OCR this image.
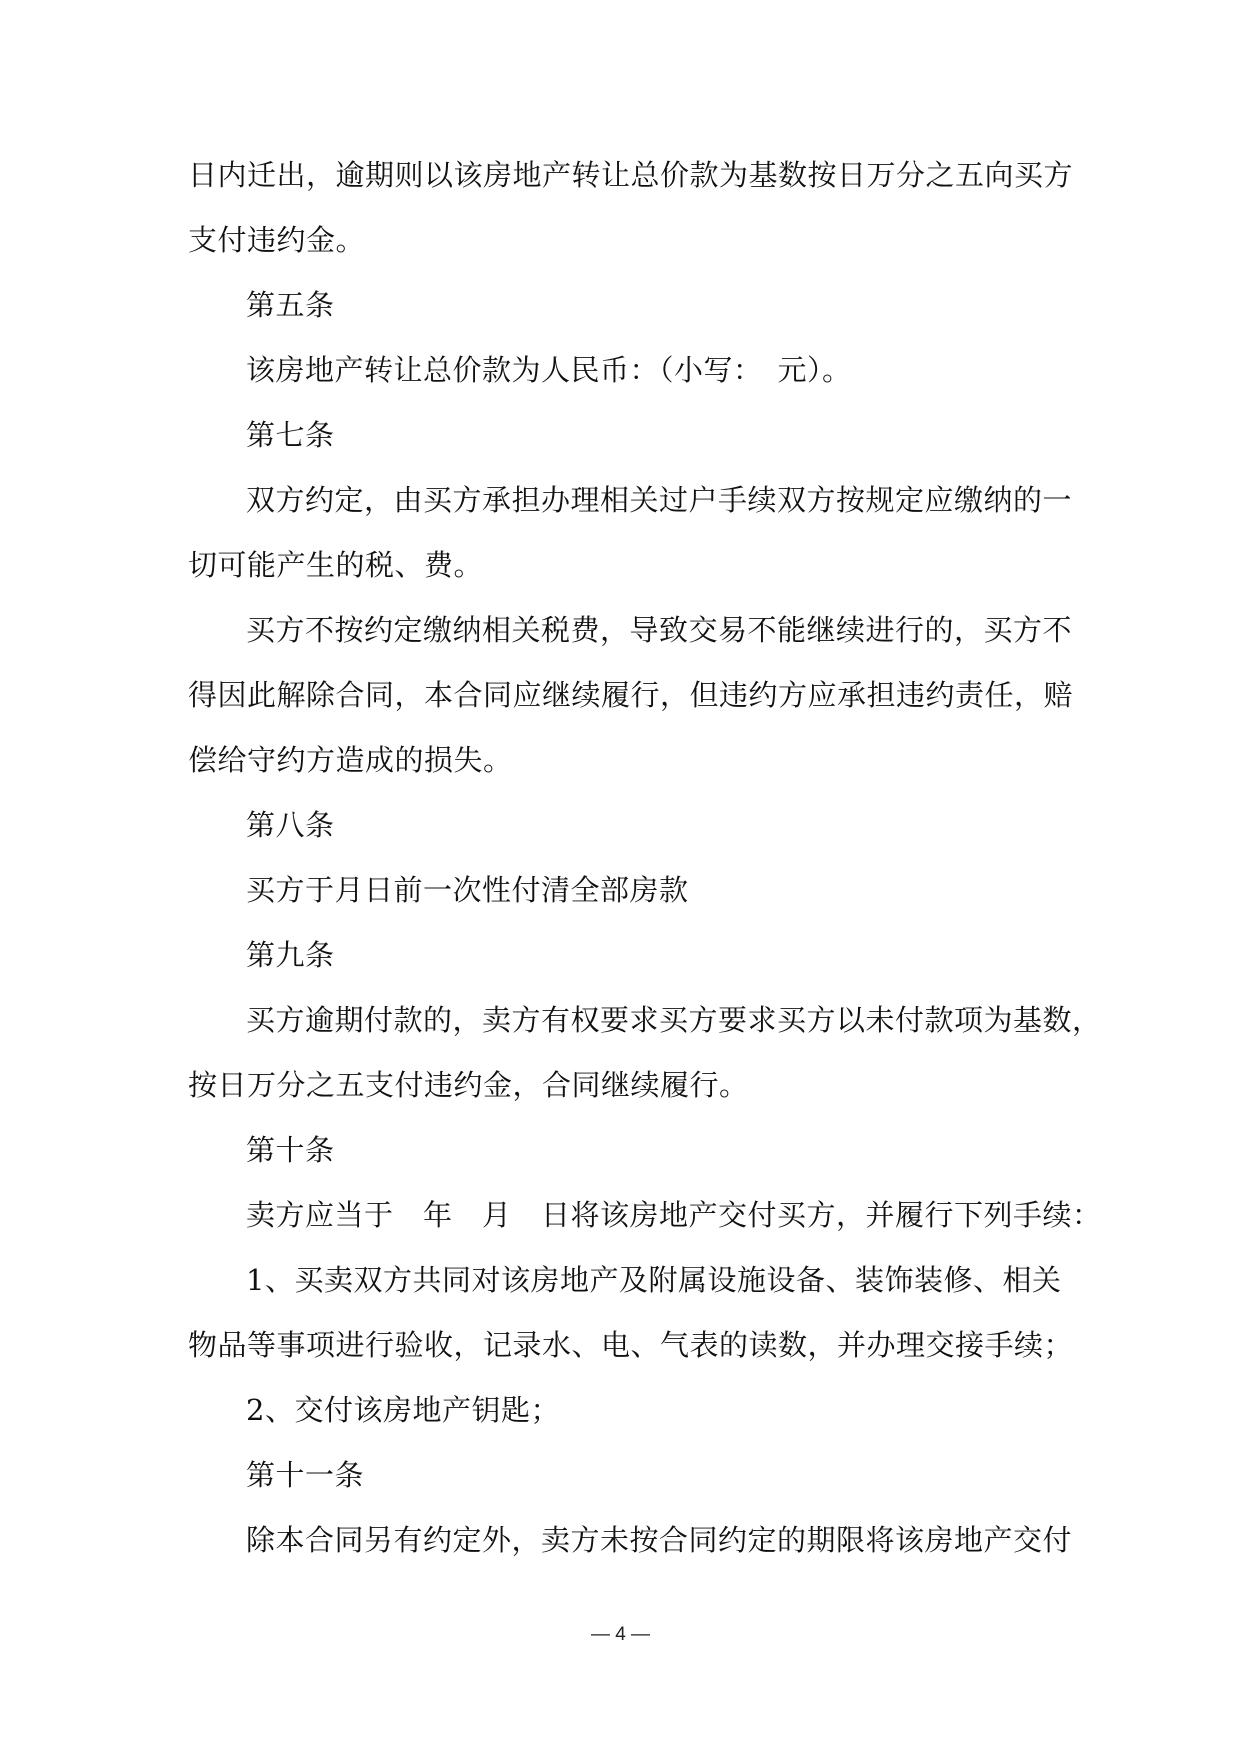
日内迁出，逾期则以该房地产转让总价款为基数按日万分之五向买方
支付违约金。
第五条
该房地产转让总价款为人民币：（小写：　元）。
第七条
双方约定，由买方承担办理相关过户手续双方按规定应缴纳的一
切可能产生的税、费。
买方不按约定缴纳相关税费，导致交易不能继续进行的，买方不
得因此解除合同，本合同应继续履行，但违约方应承担违约责任，赔
偿给守约方造成的损失。
第八条
买方于月日前一次性付清全部房款
第九条
买方逾期付款的，卖方有权要求买方要求买方以未付款项为基数，
按日万分之五支付违约金，合同继续履行。
第十条
卖方应当于　年　月　日将该房地产交付买方，并履行下列手续：
1、买卖双方共同对该房地产及附属设施设备、装饰装修、相关
物品等事项进行验收，记录水、电、气表的读数，并办理交接手续；
2、交付该房地产钥匙；
第十一条
除本合同另有约定外，卖方未按合同约定的期限将该房地产交付
— 4 —
